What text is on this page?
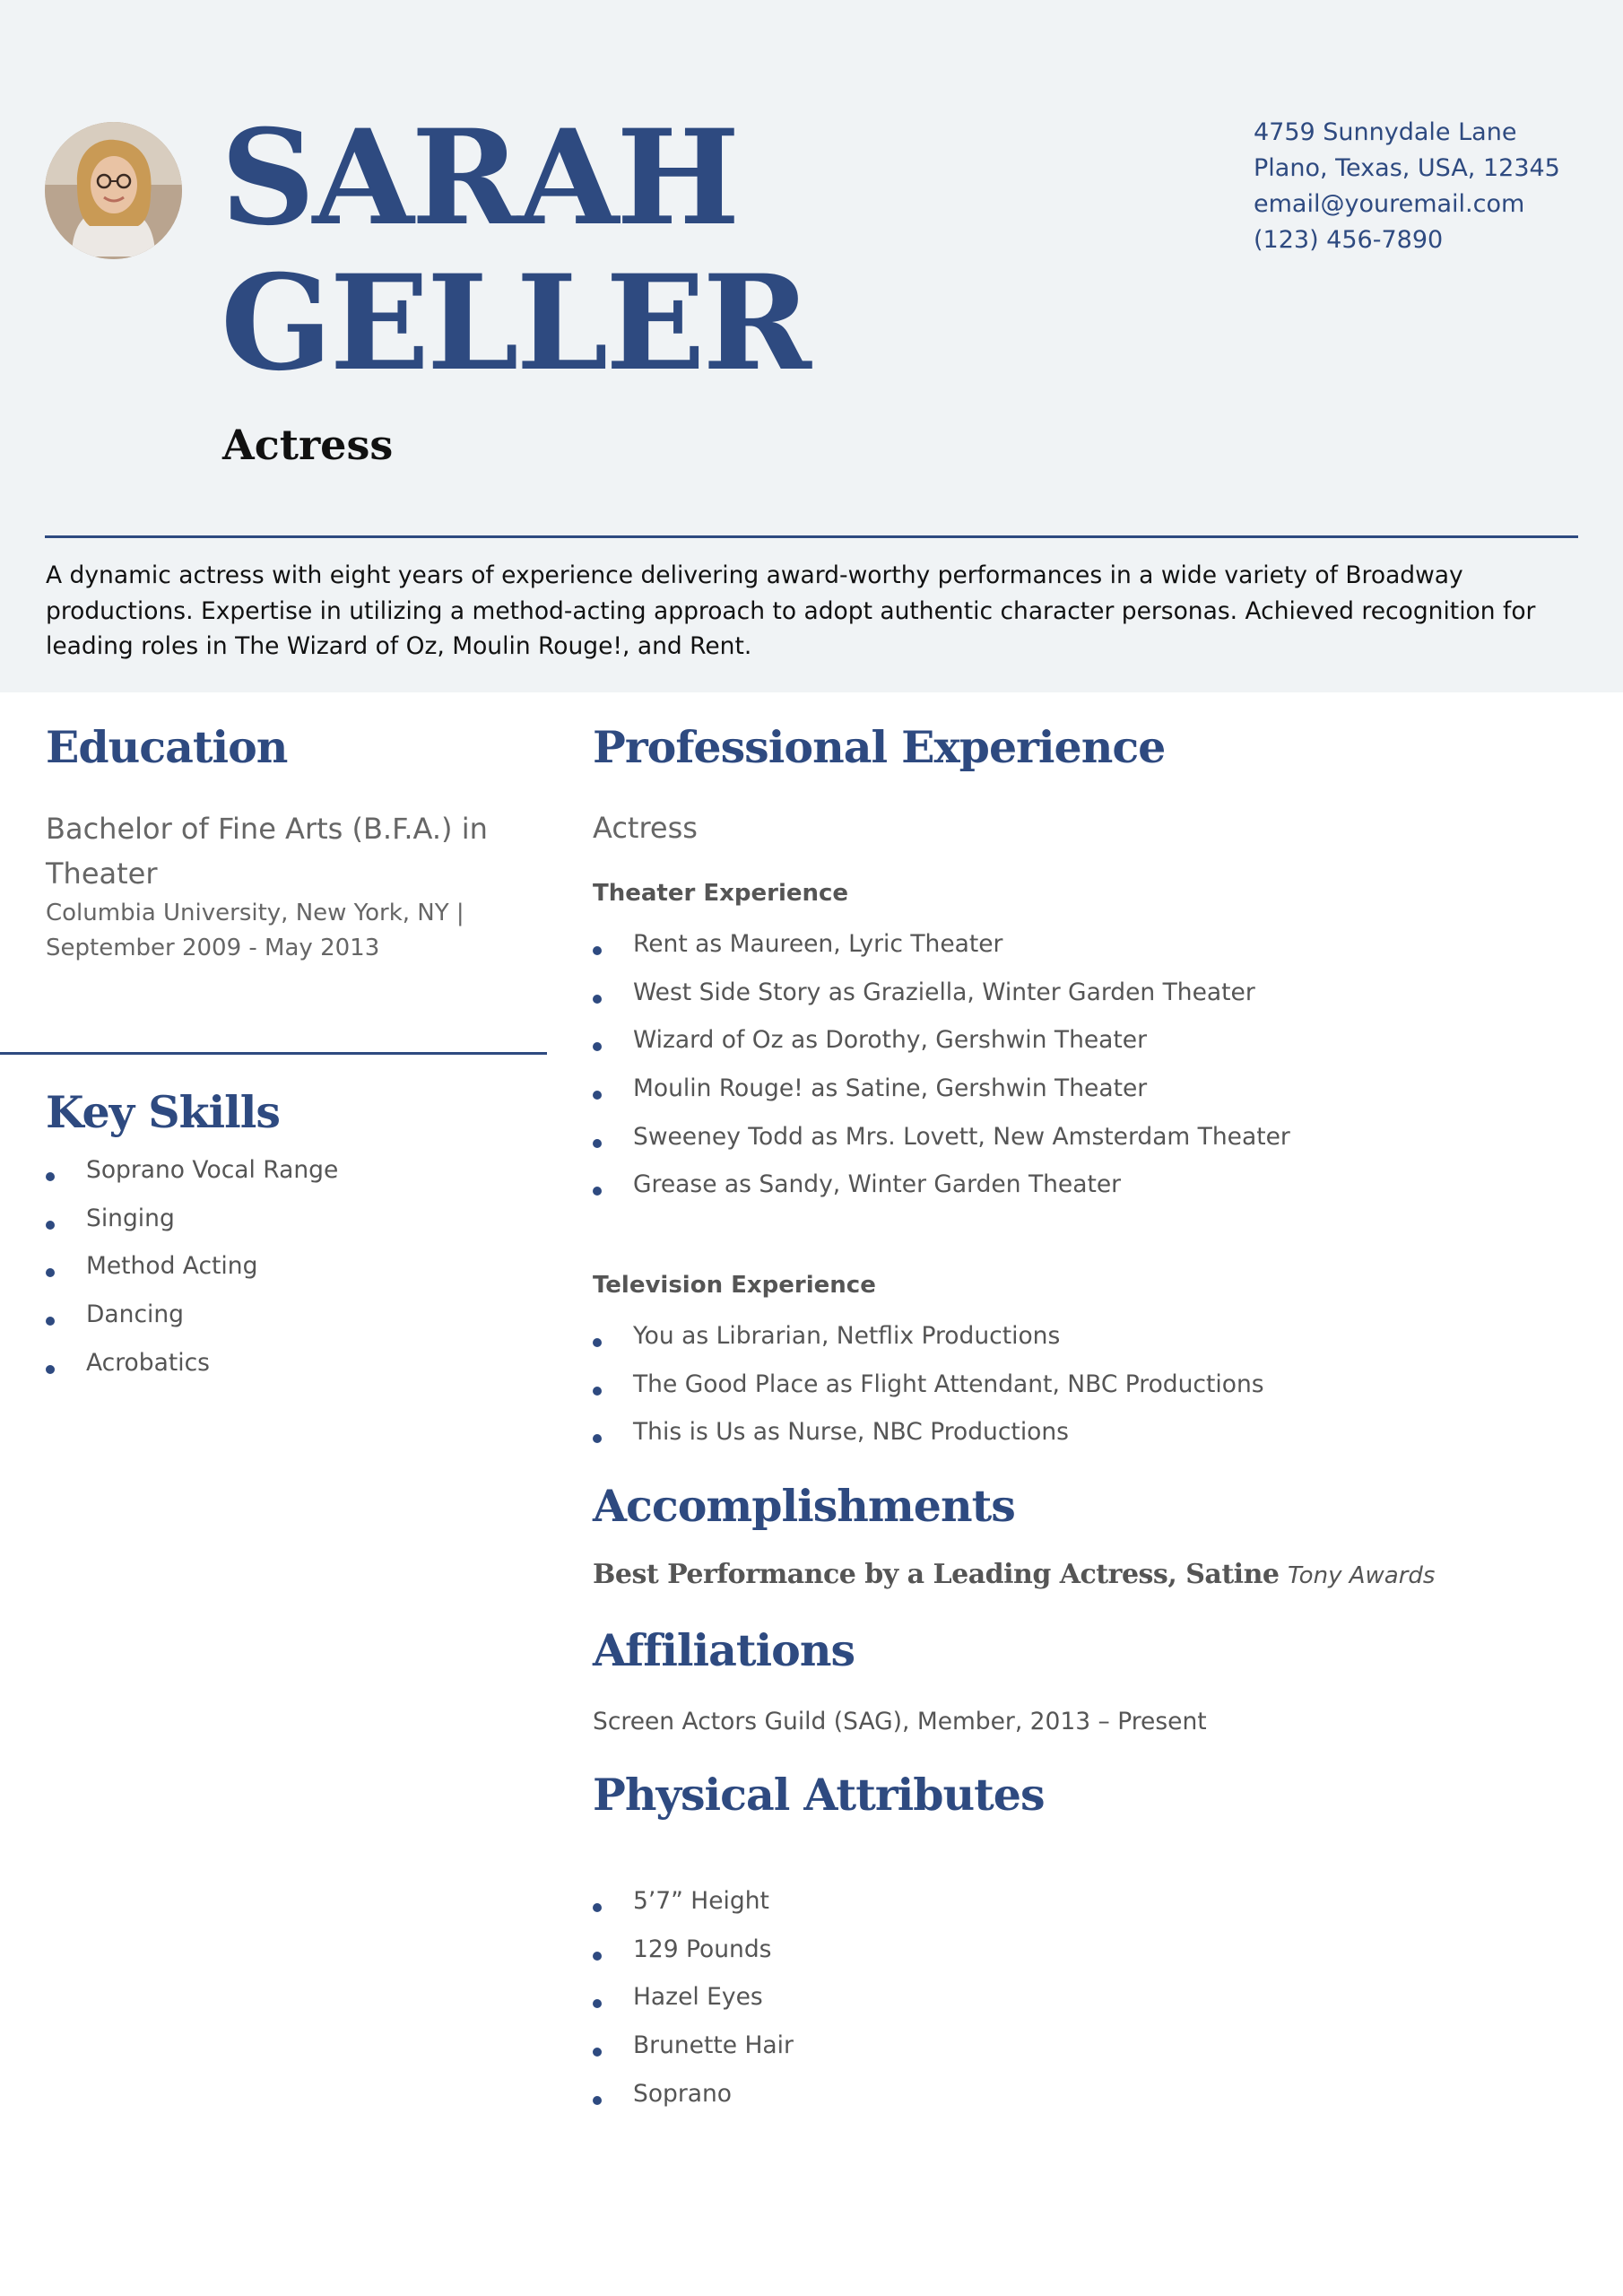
SARAH
GELLER
Actress
4759 Sunnydale Lane
Plano, Texas, USA, 12345
email@youremail.com
(123) 456-7890
A dynamic actress with eight years of experience delivering award-worthy performances in a wide variety of Broadway productions. Expertise in utilizing a method-acting approach to adopt authentic character personas. Achieved recognition for leading roles in The Wizard of Oz, Moulin Rouge!, and Rent.
Education
Bachelor of Fine Arts (B.F.A.) in Theater
Columbia University, New York, NY |
September 2009 - May 2013
Key Skills
Soprano Vocal Range
Singing
Method Acting
Dancing
Acrobatics
Professional Experience
Actress
Theater Experience
Rent as Maureen, Lyric Theater
West Side Story as Graziella, Winter Garden Theater
Wizard of Oz as Dorothy, Gershwin Theater
Moulin Rouge! as Satine, Gershwin Theater
Sweeney Todd as Mrs. Lovett, New Amsterdam Theater
Grease as Sandy, Winter Garden Theater
Television Experience
You as Librarian, Netflix Productions
The Good Place as Flight Attendant, NBC Productions
This is Us as Nurse, NBC Productions
Accomplishments
Best Performance by a Leading Actress, Satine Tony Awards
Affiliations
Screen Actors Guild (SAG), Member, 2013 – Present
Physical Attributes
5’7” Height
129 Pounds
Hazel Eyes
Brunette Hair
Soprano
